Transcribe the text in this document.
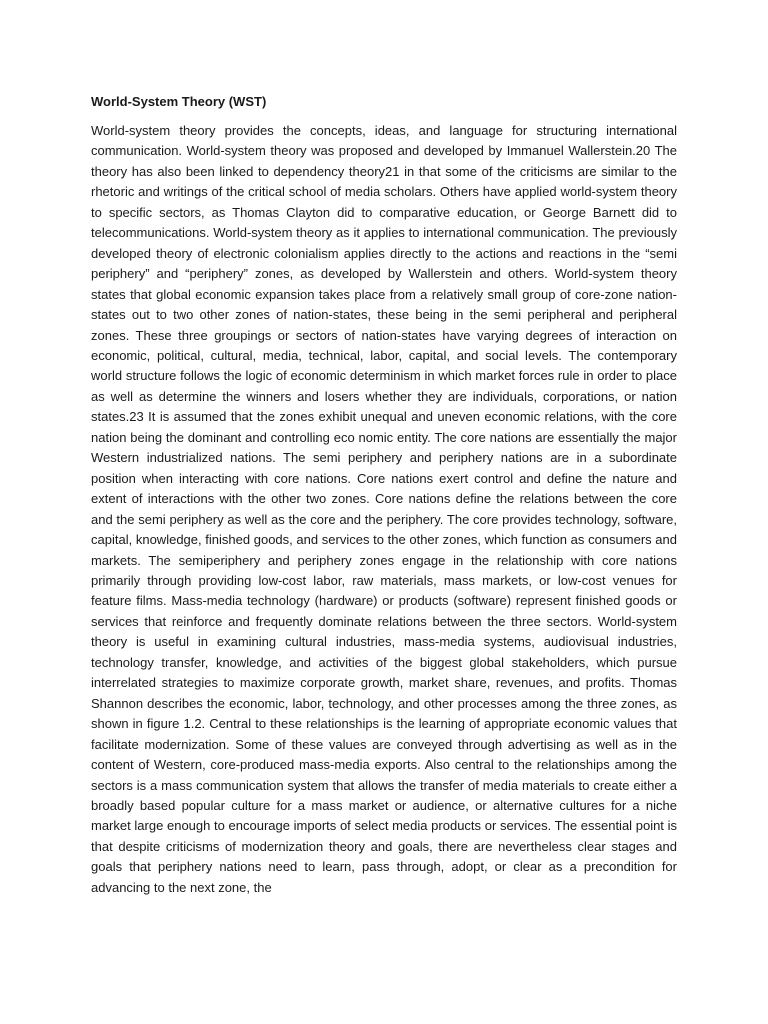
World-System Theory (WST)

World-system theory provides the concepts, ideas, and language for structuring international communication. World-system theory was proposed and developed by Immanuel Wallerstein.20 The theory has also been linked to dependency theory21 in that some of the criticisms are similar to the rhetoric and writings of the critical school of media scholars. Others have applied world-system theory to specific sectors, as Thomas Clayton did to comparative education, or George Barnett did to telecommunications. World-system theory as it applies to international communication. The previously developed theory of electronic colonialism applies directly to the actions and reactions in the “semi periphery” and “periphery” zones, as developed by Wallerstein and others. World-system theory states that global economic expansion takes place from a relatively small group of core-zone nation-states out to two other zones of nation-states, these being in the semi peripheral and peripheral zones. These three groupings or sectors of nation-states have varying degrees of interaction on economic, political, cultural, media, technical, labor, capital, and social levels. The contemporary world structure follows the logic of economic determinism in which market forces rule in order to place as well as determine the winners and losers whether they are individuals, corporations, or nation states.23 It is assumed that the zones exhibit unequal and uneven economic relations, with the core nation being the dominant and controlling eco nomic entity. The core nations are essentially the major Western industrialized nations. The semi periphery and periphery nations are in a subordinate position when interacting with core nations. Core nations exert control and define the nature and extent of interactions with the other two zones. Core nations define the relations between the core and the semi periphery as well as the core and the periphery. The core provides technology, software, capital, knowledge, finished goods, and services to the other zones, which function as consumers and markets. The semiperiphery and periphery zones engage in the relationship with core nations primarily through providing low-cost labor, raw materials, mass markets, or low-cost venues for feature films. Mass-media technology (hardware) or products (software) represent finished goods or services that reinforce and frequently dominate relations between the three sectors. World-system theory is useful in examining cultural industries, mass-media systems, audiovisual industries, technology transfer, knowledge, and activities of the biggest global stakeholders, which pursue interrelated strategies to maximize corporate growth, market share, revenues, and profits. Thomas Shannon describes the economic, labor, technology, and other processes among the three zones, as shown in figure 1.2. Central to these relationships is the learning of appropriate economic values that facilitate modernization. Some of these values are conveyed through advertising as well as in the content of Western, core-produced mass-media exports. Also central to the relationships among the sectors is a mass communication system that allows the transfer of media materials to create either a broadly based popular culture for a mass market or audience, or alternative cultures for a niche market large enough to encourage imports of select media products or services. The essential point is that despite criticisms of modernization theory and goals, there are nevertheless clear stages and goals that periphery nations need to learn, pass through, adopt, or clear as a precondition for advancing to the next zone, the
